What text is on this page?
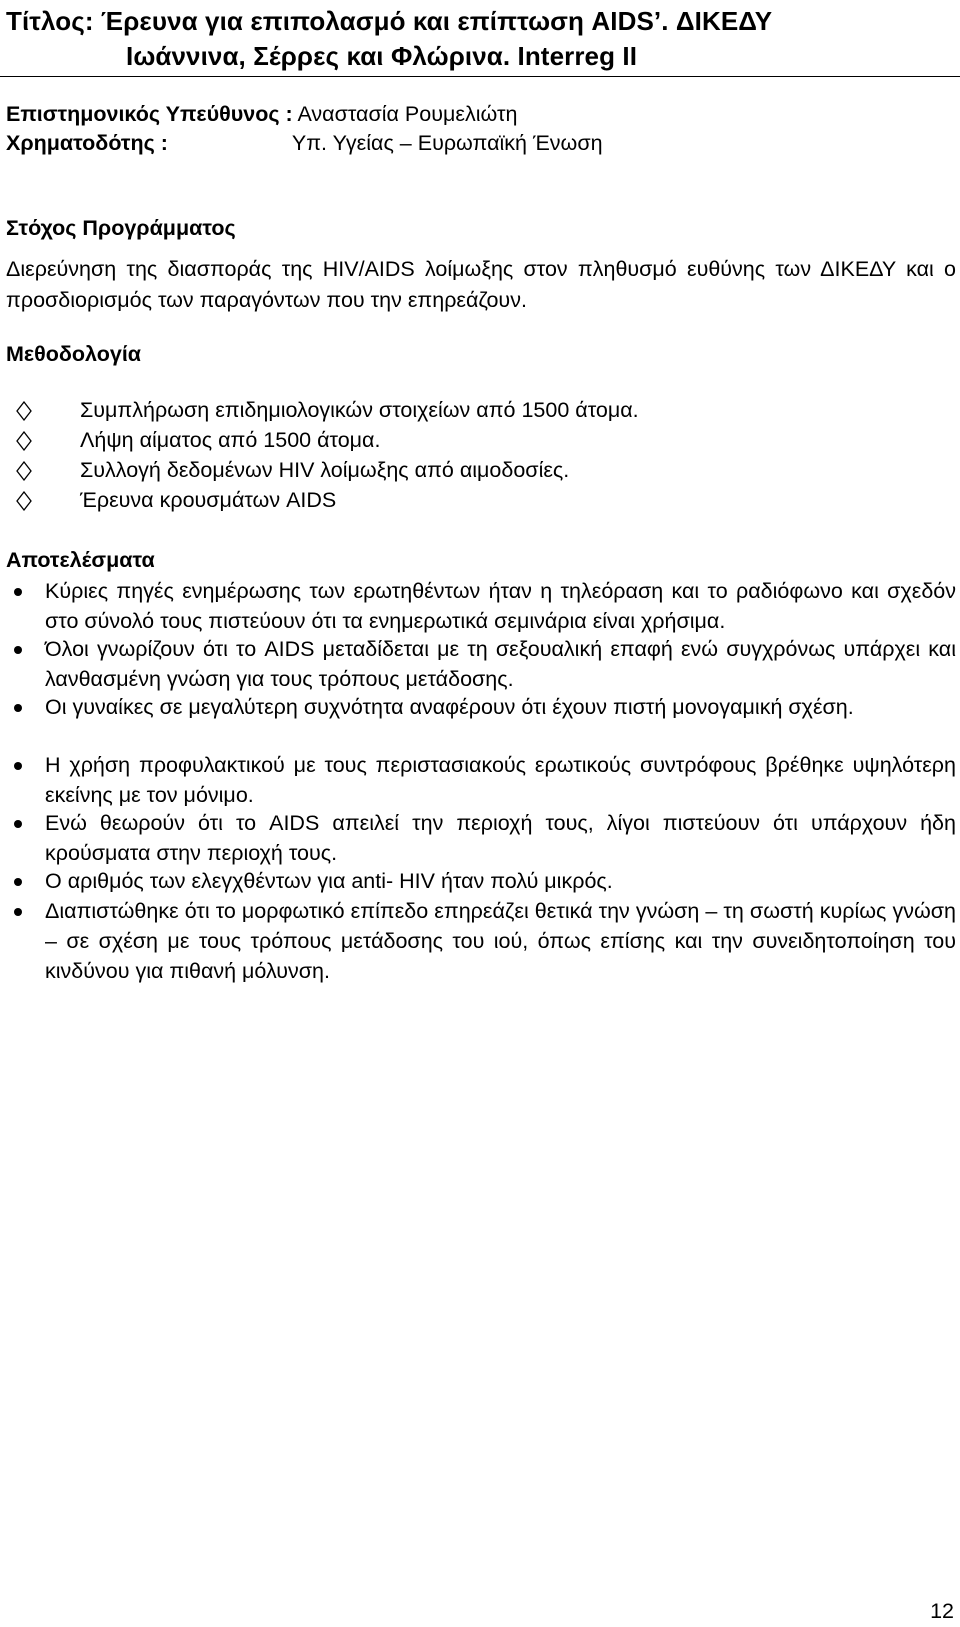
Τίτλος: Έρευνα για επιπολασμό και επίπτωση AIDS’. ΔΙΚΕΔΥ
Ιωάννινα, Σέρρες και Φλώρινα. Interreg II
Επιστημονικός Υπεύθυνος : Αναστασία Ρουμελιώτη
Χρηματοδότης :	Υπ. Υγείας – Ευρωπαϊκή Ένωση
Στόχος Προγράμματος
Διερεύνηση της διασποράς της HIV/AIDS λοίμωξης στον πληθυσμό ευθύνης των ΔΙΚΕΔΥ και ο προσδιορισμός των παραγόντων που την επηρεάζουν.
Μεθοδολογία
Συμπλήρωση επιδημιολογικών στοιχείων από 1500 άτομα.
Λήψη αίματος από 1500 άτομα.
Συλλογή δεδομένων HIV λοίμωξης από αιμοδοσίες.
Έρευνα κρουσμάτων AIDS
Αποτελέσματα
Κύριες πηγές ενημέρωσης των ερωτηθέντων ήταν η τηλεόραση και το ραδιόφωνο και σχεδόν στο σύνολό τους πιστεύουν ότι τα ενημερωτικά σεμινάρια είναι χρήσιμα.
Όλοι γνωρίζουν ότι το AIDS μεταδίδεται με τη σεξουαλική επαφή ενώ συγχρόνως υπάρχει και λανθασμένη γνώση για τους τρόπους μετάδοσης.
Οι γυναίκες σε μεγαλύτερη συχνότητα αναφέρουν ότι έχουν πιστή μονογαμική σχέση.
Η χρήση προφυλακτικού με τους περιστασιακούς ερωτικούς συντρόφους βρέθηκε υψηλότερη εκείνης με τον μόνιμο.
Ενώ θεωρούν ότι το AIDS απειλεί την περιοχή τους, λίγοι πιστεύουν ότι υπάρχουν ήδη κρούσματα στην περιοχή τους.
Ο αριθμός των ελεγχθέντων για anti- HIV ήταν πολύ μικρός.
Διαπιστώθηκε ότι το μορφωτικό επίπεδο επηρεάζει θετικά την γνώση – τη σωστή κυρίως γνώση – σε σχέση με τους τρόπους μετάδοσης του ιού, όπως επίσης και την συνειδητοποίηση του κινδύνου για πιθανή μόλυνση.
12
